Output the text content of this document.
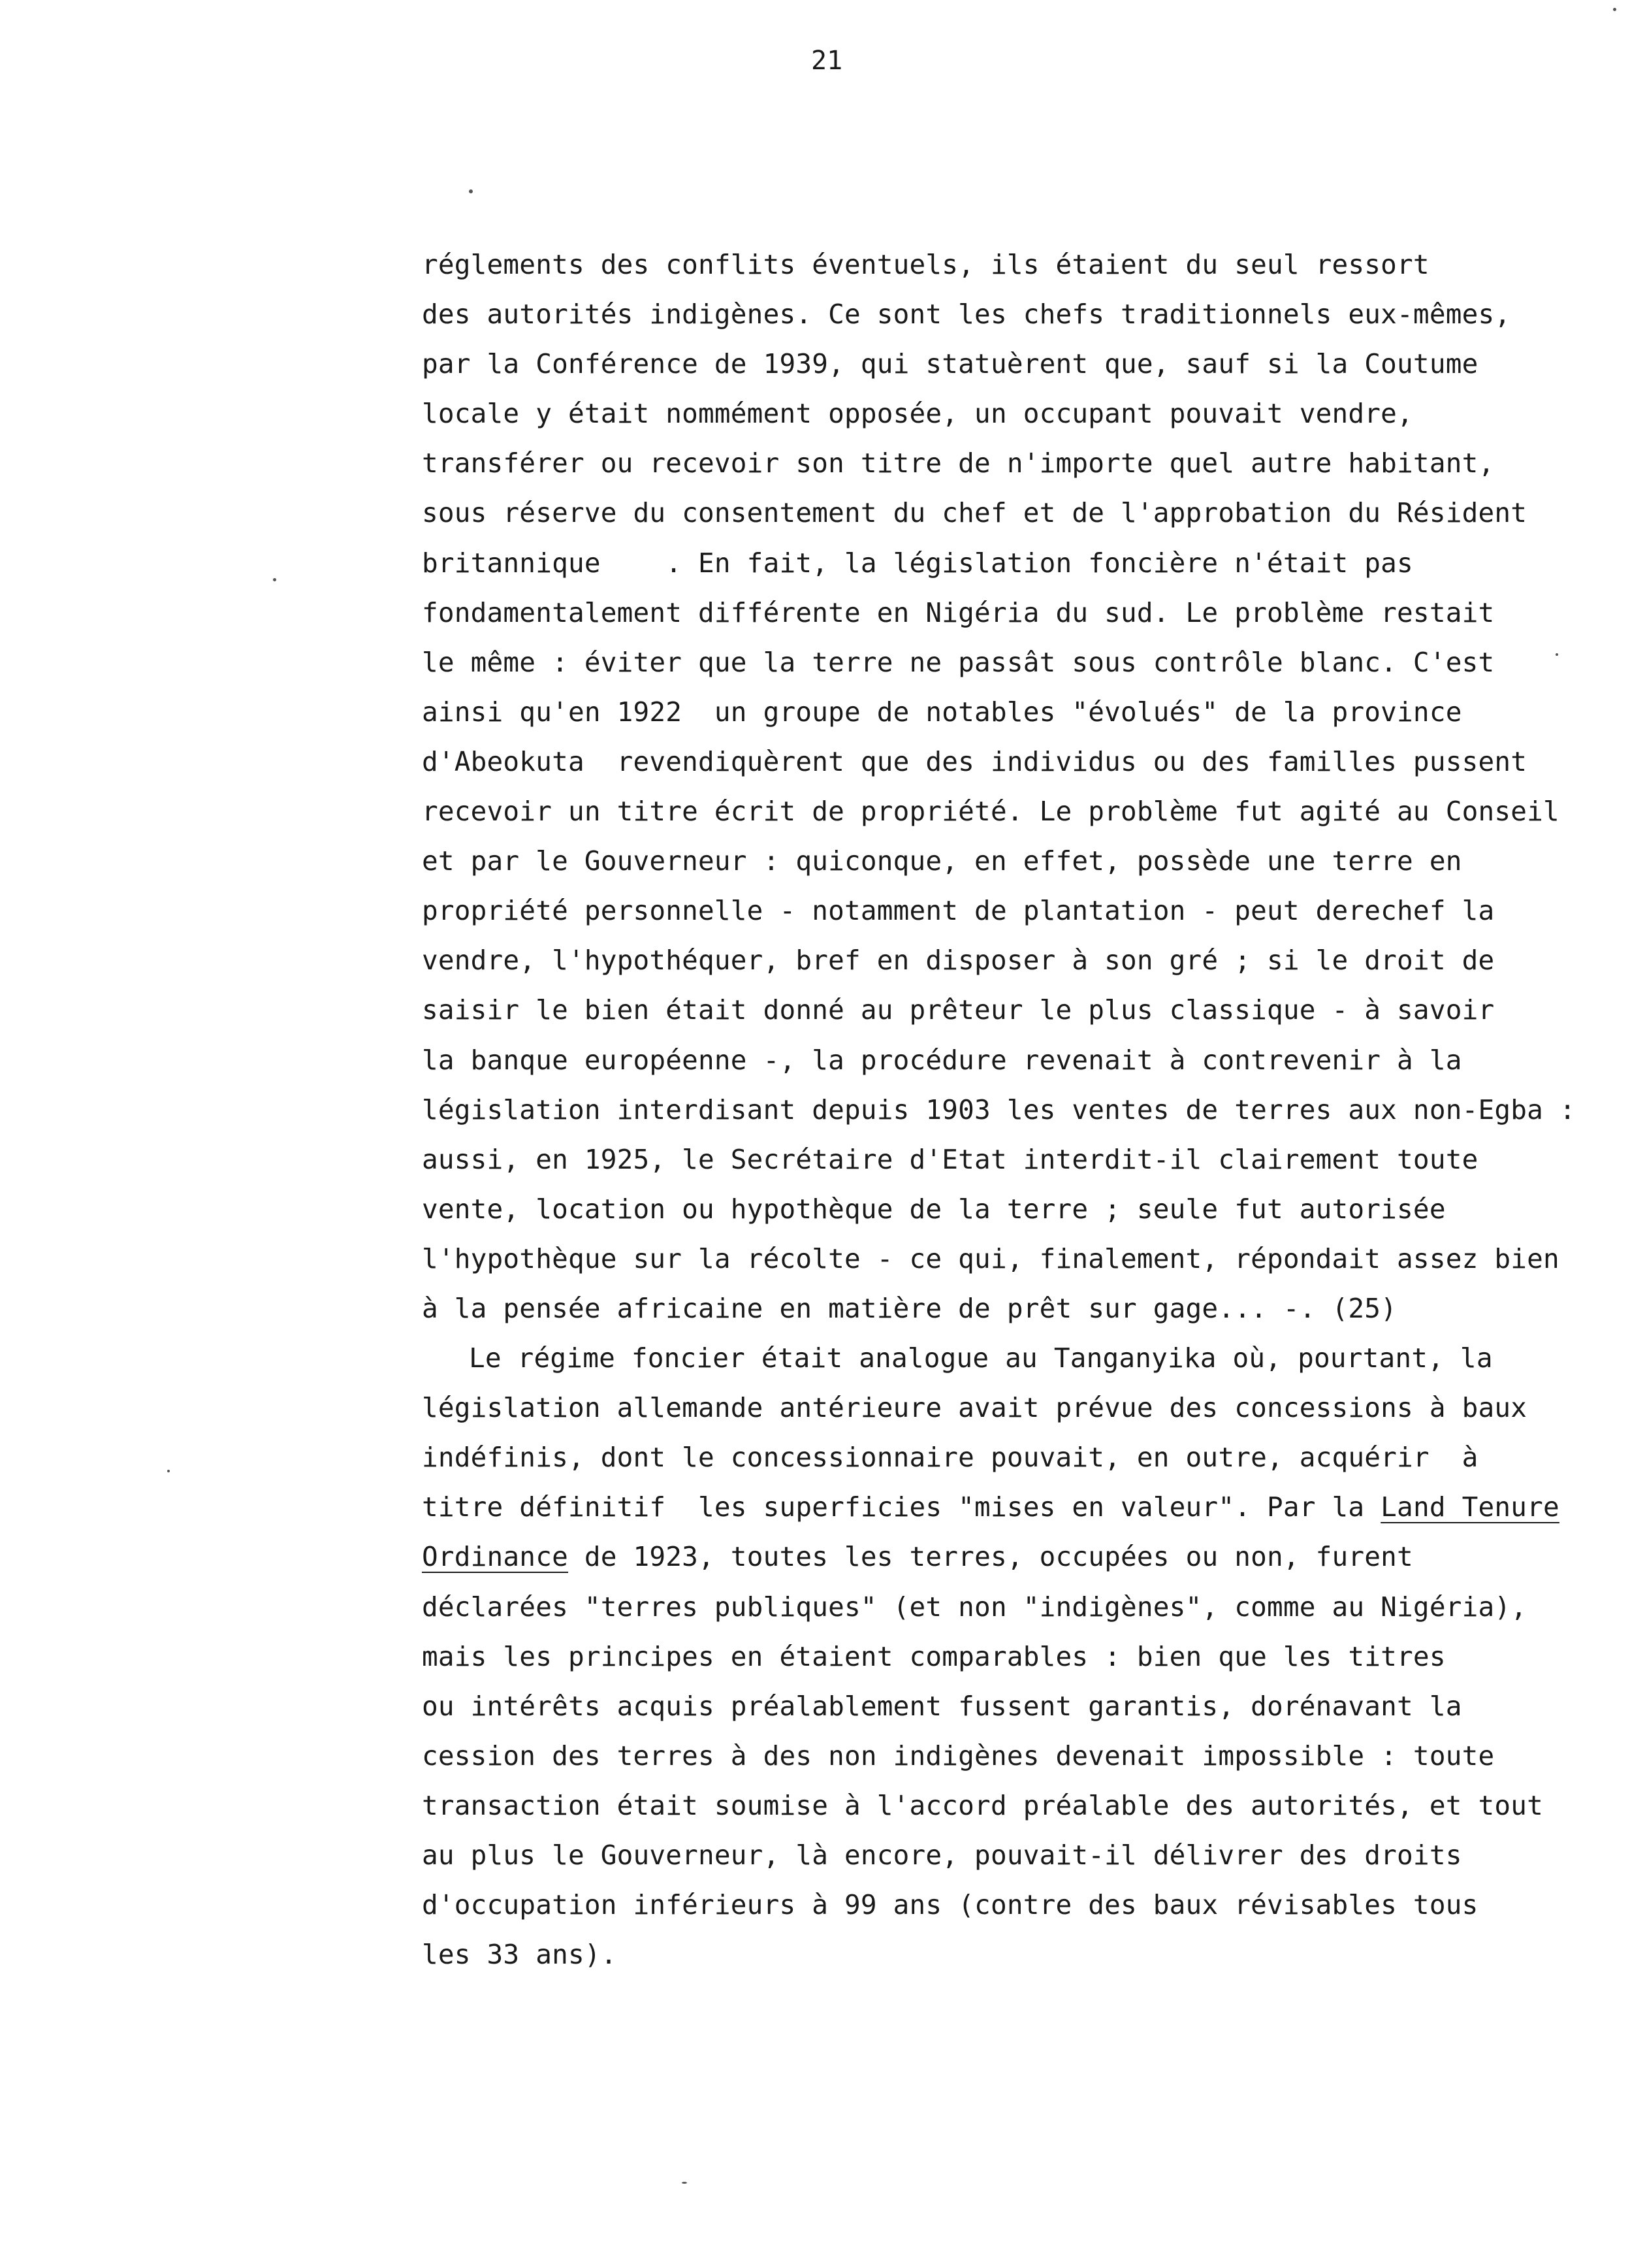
21
réglements des conflits éventuels, ils étaient du seul ressort
des autorités indigènes. Ce sont les chefs traditionnels eux-mêmes,
par la Conférence de 1939, qui statuèrent que, sauf si la Coutume
locale y était nommément opposée, un occupant pouvait vendre,
transférer ou recevoir son titre de n'importe quel autre habitant,
sous réserve du consentement du chef et de l'approbation du Résident
britannique    . En fait, la législation foncière n'était pas
fondamentalement différente en Nigéria du sud. Le problème restait
le même : éviter que la terre ne passât sous contrôle blanc. C'est
ainsi qu'en 1922  un groupe de notables "évolués" de la province
d'Abeokuta  revendiquèrent que des individus ou des familles pussent
recevoir un titre écrit de propriété. Le problème fut agité au Conseil
et par le Gouverneur : quiconque, en effet, possède une terre en
propriété personnelle - notamment de plantation - peut derechef la
vendre, l'hypothéquer, bref en disposer à son gré ; si le droit de
saisir le bien était donné au prêteur le plus classique - à savoir
la banque européenne -, la procédure revenait à contrevenir à la
législation interdisant depuis 1903 les ventes de terres aux non-Egba :
aussi, en 1925, le Secrétaire d'Etat interdit-il clairement toute
vente, location ou hypothèque de la terre ; seule fut autorisée
l'hypothèque sur la récolte - ce qui, finalement, répondait assez bien
à la pensée africaine en matière de prêt sur gage... -. (25)
Le régime foncier était analogue au Tanganyika où, pourtant, la
législation allemande antérieure avait prévue des concessions à baux
indéfinis, dont le concessionnaire pouvait, en outre, acquérir  à
titre définitif  les superficies "mises en valeur". Par la Land Tenure
Ordinance de 1923, toutes les terres, occupées ou non, furent
déclarées "terres publiques" (et non "indigènes", comme au Nigéria),
mais les principes en étaient comparables : bien que les titres
ou intérêts acquis préalablement fussent garantis, dorénavant la
cession des terres à des non indigènes devenait impossible : toute
transaction était soumise à l'accord préalable des autorités, et tout
au plus le Gouverneur, là encore, pouvait-il délivrer des droits
d'occupation inférieurs à 99 ans (contre des baux révisables tous
les 33 ans).
